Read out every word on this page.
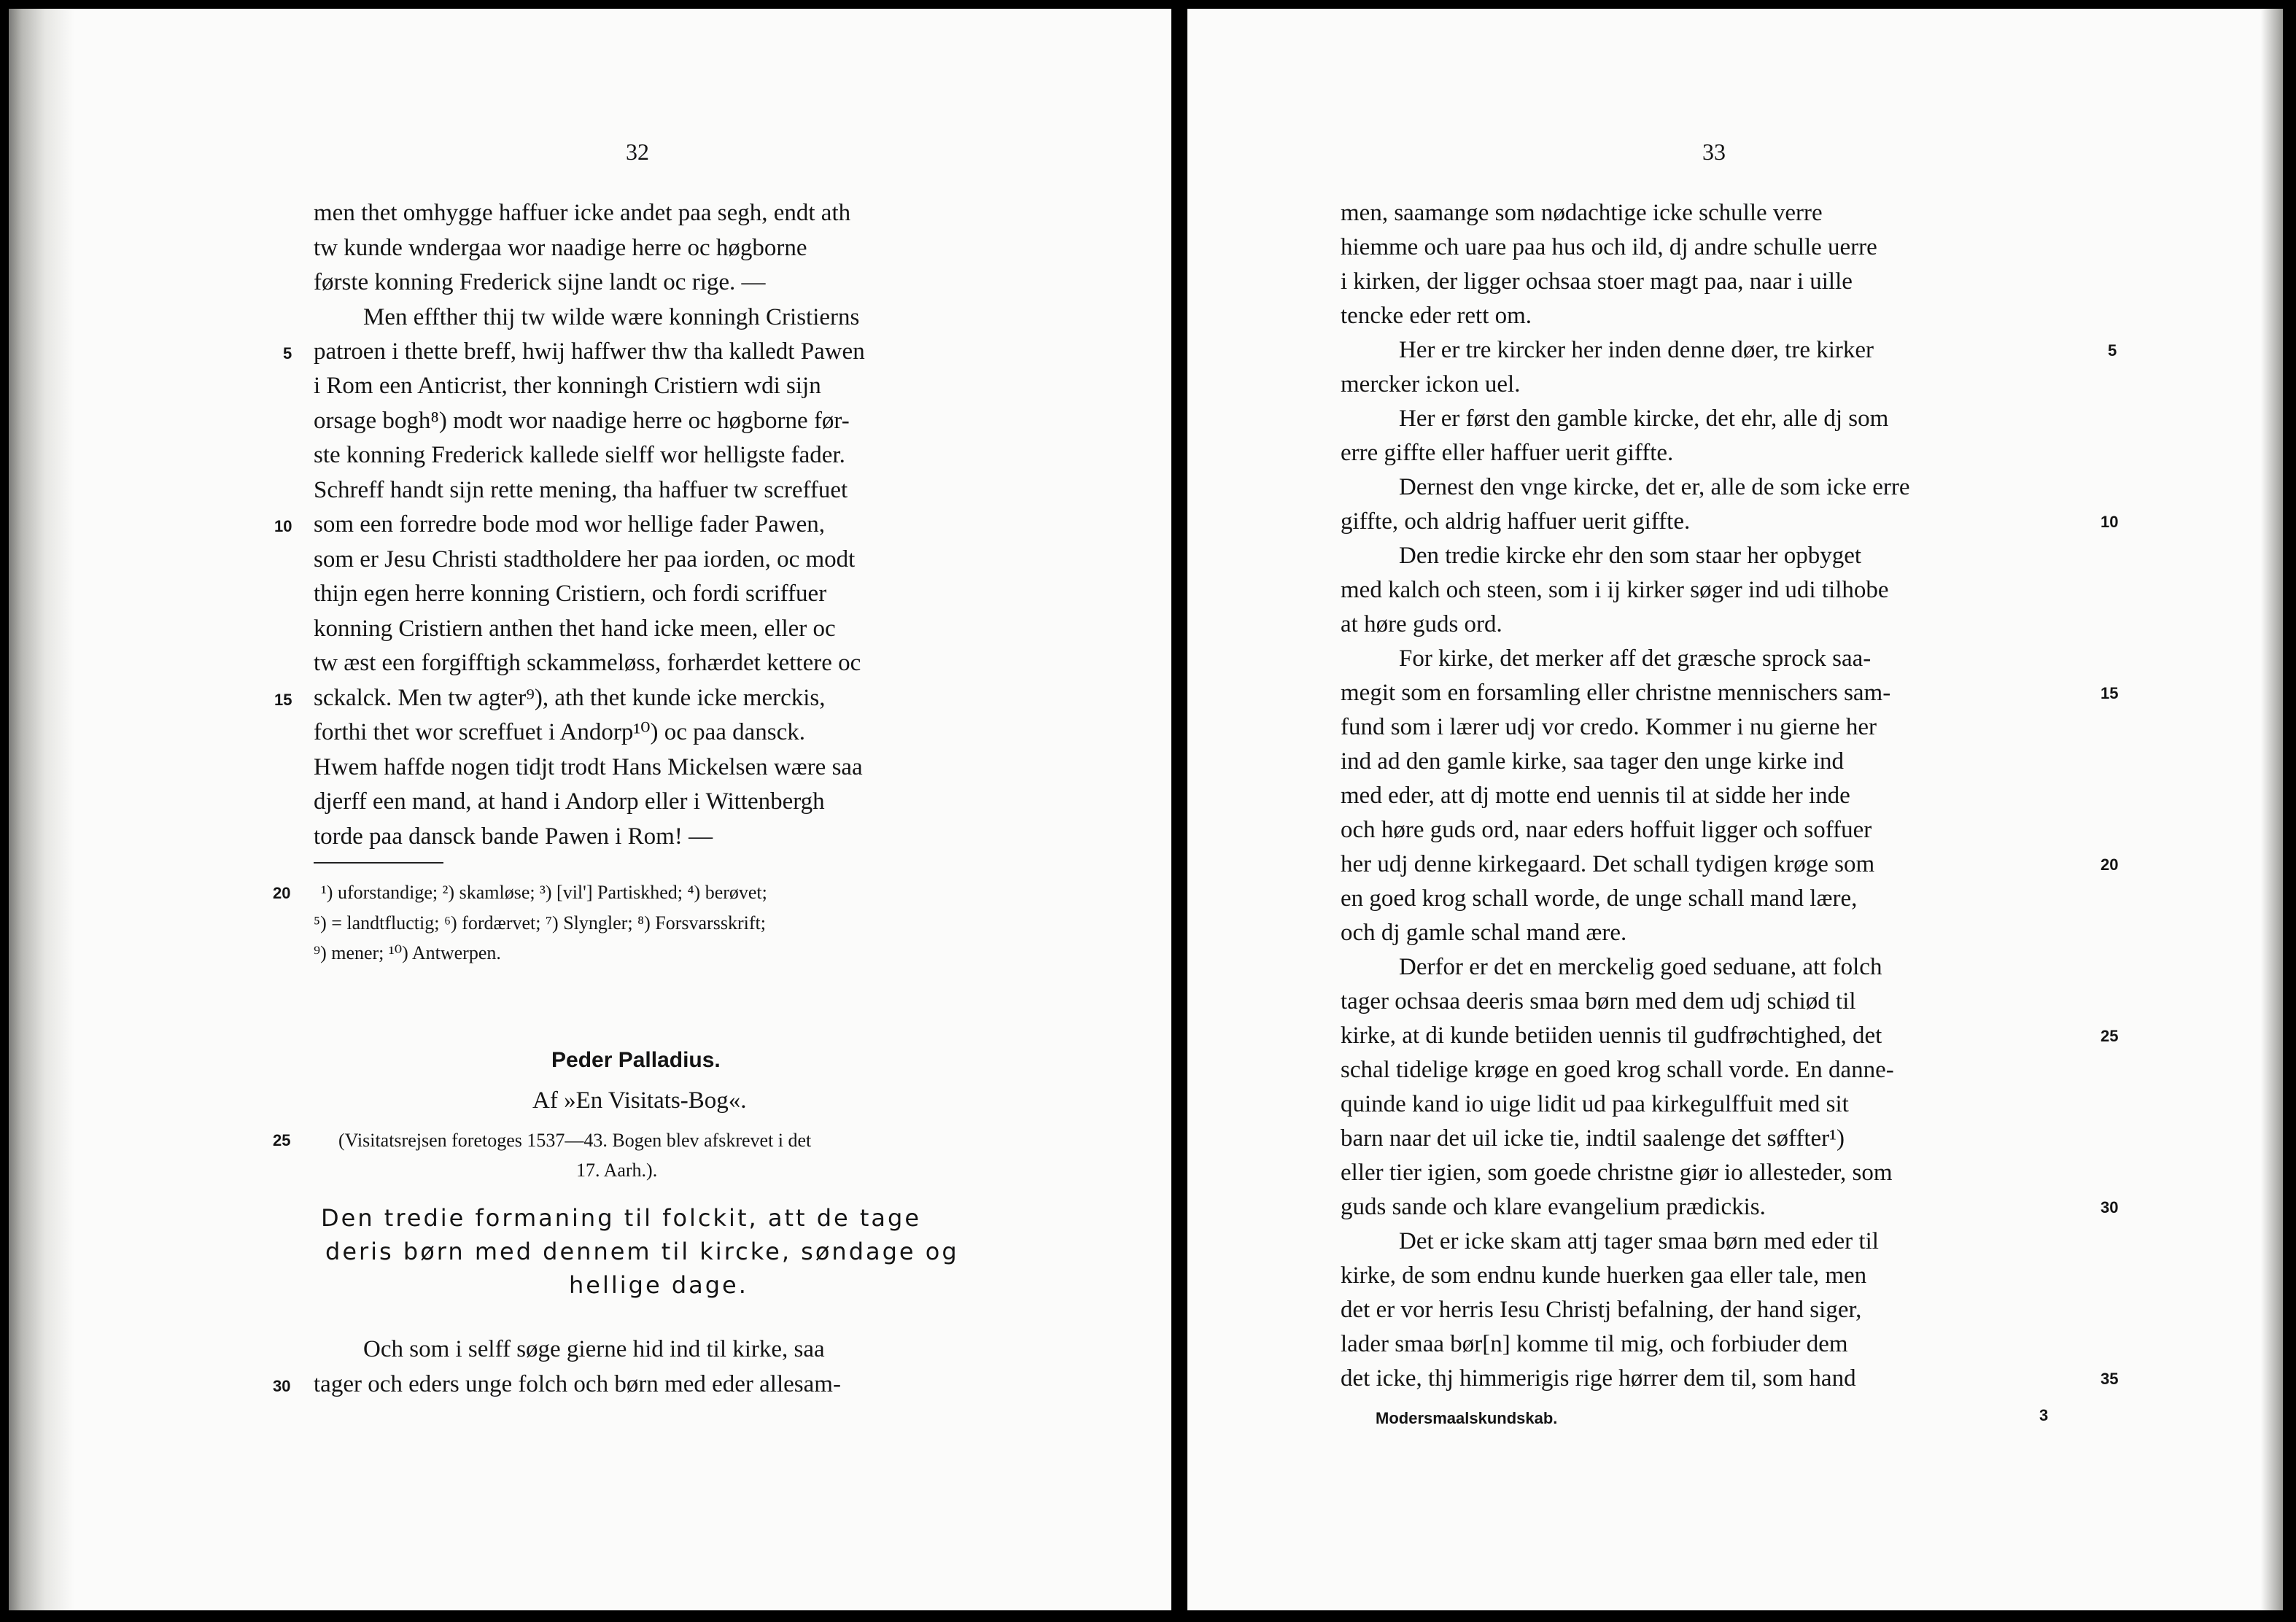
32
men thet omhygge haffuer icke andet paa segh, endt ath
tw kunde wndergaa wor naadige herre oc høgborne
første konning Frederick sijne landt oc rige. —
Men effther thij tw wilde wære konningh Cristierns
patroen i thette breff, hwij haffwer thw tha kalledt Pawen
i Rom een Anticrist, ther konningh Cristiern wdi sijn
orsage bogh⁸) modt wor naadige herre oc høgborne før-
ste konning Frederick kallede sielff wor helligste fader.
Schreff handt sijn rette mening, tha haffuer tw screffuet
som een forredre bode mod wor hellige fader Pawen,
som er Jesu Christi stadtholdere her paa iorden, oc modt
thijn egen herre konning Cristiern, och fordi scriffuer
konning Cristiern anthen thet hand icke meen, eller oc
tw æst een forgifftigh sckammeløss, forhærdet kettere oc
sckalck. Men tw agter⁹), ath thet kunde icke merckis,
forthi thet wor screffuet i Andorp¹⁰) oc paa dansck.
Hwem haffde nogen tidjt trodt Hans Mickelsen wære saa
djerff een mand, at hand i Andorp eller i Wittenbergh
torde paa dansck bande Pawen i Rom! —
¹) uforstandige; ²) skamløse; ³) [vil'] Partiskhed; ⁴) berøvet;
⁵) = landtfluctig; ⁶) fordærvet; ⁷) Slyngler; ⁸) Forsvarsskrift;
⁹) mener; ¹⁰) Antwerpen.
Peder Palladius.
Af »En Visitats-Bog«.
(Visitatsrejsen foretoges 1537—43. Bogen blev afskrevet i det
17. Aarh.).
Den tredie formaning til folckit, att de tage
deris børn med dennem til kircke, søndage og
hellige dage.
Och som i selff søge gierne hid ind til kirke, saa
tager och eders unge folch och børn med eder allesam-
5
10
15
20
25
30
33
men, saamange som nødachtige icke schulle verre
hiemme och uare paa hus och ild, dj andre schulle uerre
i kirken, der ligger ochsaa stoer magt paa, naar i uille
tencke eder rett om.
Her er tre kircker her inden denne døer, tre kirker
mercker ickon uel.
Her er først den gamble kircke, det ehr, alle dj som
erre giffte eller haffuer uerit giffte.
Dernest den vnge kircke, det er, alle de som icke erre
giffte, och aldrig haffuer uerit giffte.
Den tredie kircke ehr den som staar her opbyget
med kalch och steen, som i ij kirker søger ind udi tilhobe
at høre guds ord.
For kirke, det merker aff det græsche sprock saa-
megit som en forsamling eller christne mennischers sam-
fund som i lærer udj vor credo. Kommer i nu gierne her
ind ad den gamle kirke, saa tager den unge kirke ind
med eder, att dj motte end uennis til at sidde her inde
och høre guds ord, naar eders hoffuit ligger och soffuer
her udj denne kirkegaard. Det schall tydigen krøge som
en goed krog schall worde, de unge schall mand lære,
och dj gamle schal mand ære.
Derfor er det en merckelig goed seduane, att folch
tager ochsaa deeris smaa børn med dem udj schiød til
kirke, at di kunde betiiden uennis til gudfrøchtighed, det
schal tidelige krøge en goed krog schall vorde. En danne-
quinde kand io uige lidit ud paa kirkegulffuit med sit
barn naar det uil icke tie, indtil saalenge det søffter¹)
eller tier igien, som goede christne giør io allesteder, som
guds sande och klare evangelium prædickis.
Det er icke skam attj tager smaa børn med eder til
kirke, de som endnu kunde huerken gaa eller tale, men
det er vor herris Iesu Christj befalning, der hand siger,
lader smaa bør[n] komme til mig, och forbiuder dem
det icke, thj himmerigis rige hørrer dem til, som hand
5
10
15
20
25
30
35
Modersmaalskundskab.	3
